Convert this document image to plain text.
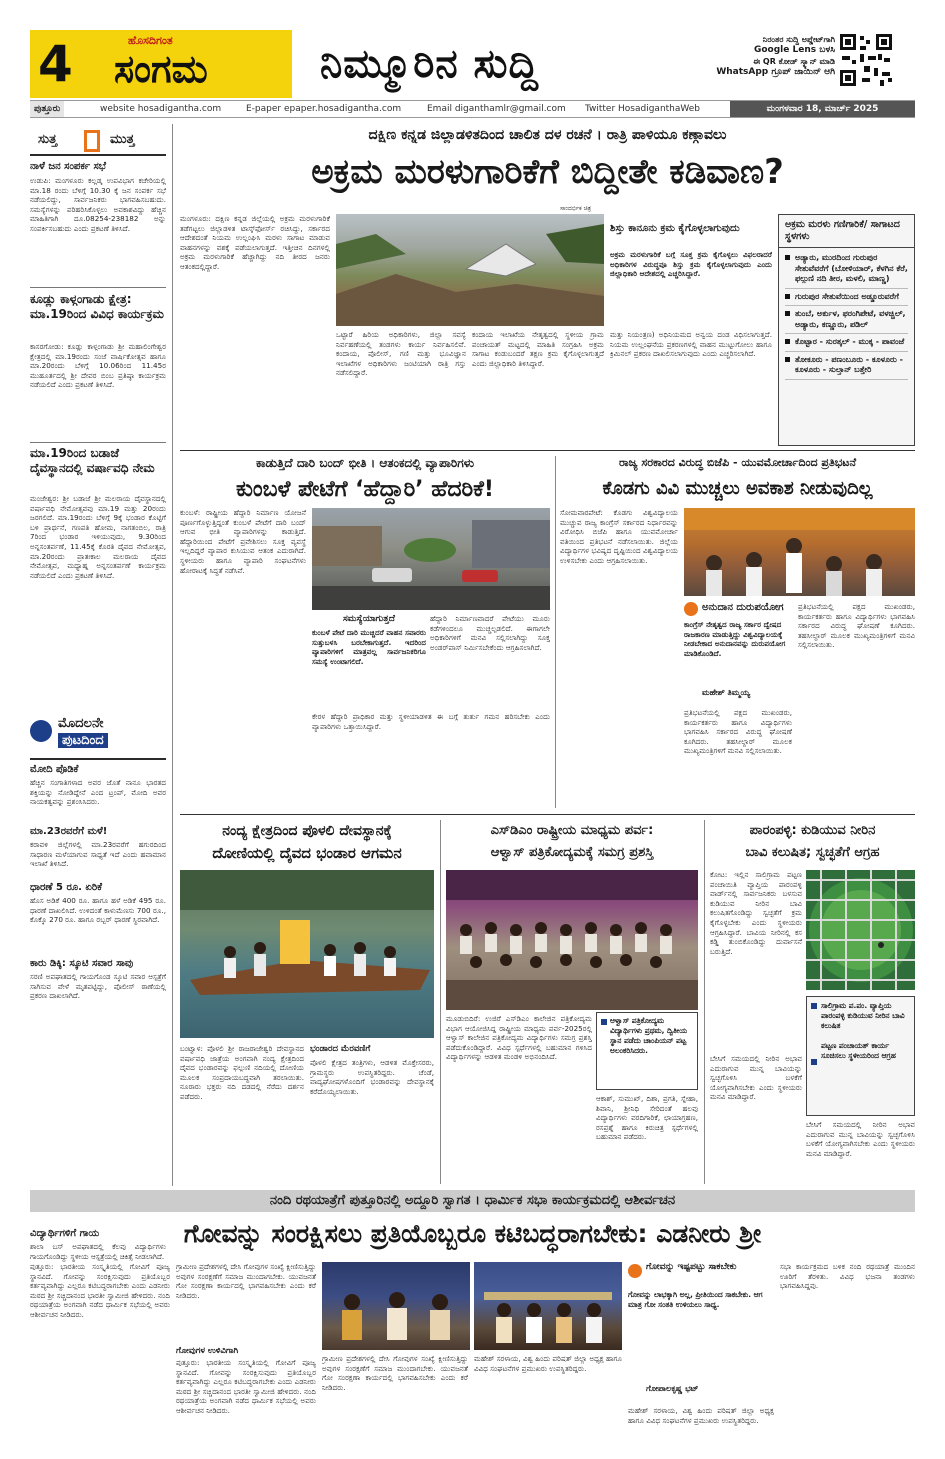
4	ಹೊಸದಿಗಂತ
ಸಂಗಮ	ನಿಮ್ಮೂರಿನ ಸುದ್ದಿ
ನಿರಂತರ ಸುದ್ದಿ ಅಪ್ಡೇಟ್‌ಗಾಗಿ
Google Lens ಬಳಸಿ
ಈ QR ಕೋಡ್ ಸ್ಕ್ಯಾನ್ ಮಾಡಿ
WhatsApp ಗ್ರೂಪ್ ಜಾಯಿನ್ ಆಗಿ
ಪುತ್ತೂರು	website hosadigantha.com	E-paper epaper.hosadigantha.com	Email diganthamlr@gmail.com Twitter HosadiganthaWeb	ಮಂಗಳವಾರ 18, ಮಾರ್ಚ್ 2025
ಸುತ್ತ	ಮುತ್ತ
ನಾಳೆ ಜನ ಸಂಪರ್ಕ ಸಭೆ
ಉಡುಪಿ: ಮಂಗಳೂರು ಕಲ್ಲಡ್ಕ ಉಪವಿಭಾಗ ಕಚೇರಿಯಲ್ಲಿ ಮಾ.18 ರಂದು ಬೆಳಿಗ್ಗೆ 10.30 ಕ್ಕೆ ಜನ ಸಂಪರ್ಕ ಸಭೆ ನಡೆಯಲಿದ್ದು, ಸಾರ್ವಜನಿಕರು ಭಾಗವಹಿಸಬಹುದು. ಸಮಸ್ಯೆಗಳನ್ನು ಪರಿಹರಿಸಿಕೊಳ್ಳಲು ಅವಕಾಶವಿದ್ದು ಹೆಚ್ಚಿನ ಮಾಹಿತಿಗಾಗಿ ದೂ.08254-238182 ಅನ್ನು ಸಂಪರ್ಕಿಸಬಹುದು ಎಂದು ಪ್ರಕಟಣೆ ತಿಳಿಸಿದೆ.
ಕೂಡ್ಲು ಕಾಳ್ಗಂಗಾಡು ಕ್ಷೇತ್ರ: ಮಾ.19ರಿಂದ ವಿವಿಧ ಕಾರ್ಯಕ್ರಮ
ಕಾಸರಗೋಡು: ಕೂಡ್ಲು ಕಾಳ್ಗಂಗಾಡು ಶ್ರೀ ಮಹಾಲಿಂಗೇಶ್ವರ ಕ್ಷೇತ್ರದಲ್ಲಿ ಮಾ.19ರಂದು ಸಂಜೆ ವಾರ್ಷಿಕೋತ್ಸವ ಹಾಗೂ ಮಾ.20ರಂದು ಬೆಳಿಗ್ಗೆ 10.06ರಿಂದ 11.45ರ ಮುಹೂರ್ತದಲ್ಲಿ ಶ್ರೀ ದೇವರ ಬಿಂಬ ಪ್ರತಿಷ್ಠಾ ಕಾರ್ಯಕ್ರಮ ನಡೆಯಲಿದೆ ಎಂದು ಪ್ರಕಟಣೆ ತಿಳಿಸಿದೆ.
ಮಾ.19ರಿಂದ ಬಡಾಜೆ ದೈವಸ್ಥಾನದಲ್ಲಿ ವರ್ಷಾವಧಿ ನೇಮ
ಮಂಜೇಶ್ವರ: ಶ್ರೀ ಬಡಾಜೆ ಶ್ರೀ ಮಲರಾಯ ದೈವಸ್ಥಾನದಲ್ಲಿ ವರ್ಷಾವಧಿ ನೇಮೋತ್ಸವವು ಮಾ.19 ಮತ್ತು 20ರಂದು ಜರಗಲಿದೆ. ಮಾ.19ರಂದು ಬೆಳಿಗ್ಗೆ 9ಕ್ಕೆ ಭಂಡಾರ ಕೊಟ್ಟಿಗೆ ಬಳಿ ಪ್ರಾರ್ಥನೆ, ಗಣಪತಿ ಹೋಮ, ನಾಗತಂಬಿಲ, ರಾತ್ರಿ 7ರಿಂದ ಭಂಡಾರ ಇಳಿಯುವುದು, 9.30ರಿಂದ ಅನ್ನಸಂತರ್ಪಣೆ, 11.45ಕ್ಕೆ ಕೊರತಿ ದೈವದ ನೇಮೋತ್ಸವ, ಮಾ.20ರಂದು ಪ್ರಾತಃಕಾಲ ಮಲರಾಯ ದೈವದ ನೇಮೋತ್ಸವ, ಮಧ್ಯಾಹ್ನ ಅನ್ನಸಂತರ್ಪಣೆ ಕಾರ್ಯಕ್ರಮ ನಡೆಯಲಿದೆ ಎಂದು ಪ್ರಕಟಣೆ ತಿಳಿಸಿದೆ.
ಮೊದಲನೇ
ಪುಟದಿಂದ
ಮೋದಿ ಪೊಡಿಕೆ
ಹೆಚ್ಚಿನ ಸಂಗಾತಿಗಳಾದ ಅವರ ಜೊತೆ ನಾನೂ ಭಾರತದ ಶಕ್ತಿಯನ್ನು ನೋಡಿದ್ದೇನೆ ಎಂದ ಟ್ರಂಪ್, ಮೋದಿ ಅವರ ನಾಯಕತ್ವವನ್ನು ಪ್ರಶಂಸಿಸಿದರು.
ಮಾ.23ರವರೆಗೆ ಮಳೆ!
ಕರಾವಳಿ ಜಿಲ್ಲೆಗಳಲ್ಲಿ ಮಾ.23ರವರೆಗೆ ಹಗುರದಿಂದ ಸಾಧಾರಣ ಮಳೆಯಾಗುವ ಸಾಧ್ಯತೆ ಇದೆ ಎಂದು ಹವಾಮಾನ ಇಲಾಖೆ ತಿಳಿಸಿದೆ.
ಧಾರಣೆ 5 ರೂ. ಏರಿಕೆ
ಹೊಸ ಅಡಿಕೆ 400 ರೂ. ಹಾಗೂ ಹಳೆ ಅಡಿಕೆ 495 ರೂ. ಧಾರಣೆ ದಾಖಲಿಸಿದೆ. ಉಳಿದಂತೆ ಕಾಳುಮೆಣಸು 700 ರೂ., ಕೊಕ್ಕೊ 270 ರೂ. ಹಾಗೂ ರಬ್ಬರ್ ಧಾರಣೆ ಸ್ಥಿರವಾಗಿದೆ.
ಕಾರು ಡಿಕ್ಕಿ: ಸ್ಕೂಟಿ ಸವಾರ ಸಾವು
ಸರಣಿ ಅಪಘಾತದಲ್ಲಿ ಗಾಯಗೊಂಡ ಸ್ಕೂಟಿ ಸವಾರ ಆಸ್ಪತ್ರೆಗೆ ಸಾಗಿಸುವ ವೇಳೆ ಮೃತಪಟ್ಟಿದ್ದು, ಪೊಲೀಸ್ ಠಾಣೆಯಲ್ಲಿ ಪ್ರಕರಣ ದಾಖಲಾಗಿದೆ.
ವಿದ್ಯಾರ್ಥಿಗಳಿಗೆ ಗಾಯ
ಶಾಲಾ ಬಸ್ ಅಪಘಾತದಲ್ಲಿ ಕೆಲವು ವಿದ್ಯಾರ್ಥಿಗಳು ಗಾಯಗೊಂಡಿದ್ದು ಸ್ಥಳೀಯ ಆಸ್ಪತ್ರೆಯಲ್ಲಿ ಚಿಕಿತ್ಸೆ ನೀಡಲಾಗಿದೆ.
ದಕ್ಷಿಣ ಕನ್ನಡ ಜಿಲ್ಲಾಡಳಿತದಿಂದ ಚಾಲಿತ ದಳ ರಚನೆ । ರಾತ್ರಿ ಪಾಳಿಯೂ ಕಣ್ಗಾವಲು
ಅಕ್ರಮ ಮರಳುಗಾರಿಕೆಗೆ ಬಿದ್ದೀತೇ ಕಡಿವಾಣ?
ಮಂಗಳೂರು: ದಕ್ಷಿಣ ಕನ್ನಡ ಜಿಲ್ಲೆಯಲ್ಲಿ ಅಕ್ರಮ ಮರಳುಗಾರಿಕೆ ತಡೆಗಟ್ಟಲು ಜಿಲ್ಲಾಡಳಿತ ಟಾಸ್ಕ್‌ಫೋರ್ಸ್ ರಚಿಸಿದ್ದು, ಸರ್ಕಾರದ ಆದೇಶದಂತೆ ನಿಯಮ ಉಲ್ಲಂಘಿಸಿ ಮರಳು ಸಾಗಾಟ ಮಾಡುವ ವಾಹನಗಳನ್ನು ವಶಕ್ಕೆ ಪಡೆಯಲಾಗುತ್ತದೆ. ಇತ್ತೀಚಿನ ದಿನಗಳಲ್ಲಿ ಅಕ್ರಮ ಮರಳುಗಾರಿಕೆ ಹೆಚ್ಚಾಗಿದ್ದು ನದಿ ತೀರದ ಜನರು ಆತಂಕದಲ್ಲಿದ್ದಾರೆ.
ಸಾಂದರ್ಭಿಕ ಚಿತ್ರ
ಒಟ್ಟಾರೆ ಹಿರಿಯ ಅಧಿಕಾರಿಗಳು, ಜಿಲ್ಲಾ ಸವಸ್ಯೆ ನಿರ್ವಹಣೆಯಲ್ಲಿ ತಂಡಗಳು ಕಾರ್ಯ ನಿರ್ವಹಿಸಲಿವೆ. ಕಂದಾಯ, ಪೊಲೀಸ್, ಗಣಿ ಮತ್ತು ಭೂವಿಜ್ಞಾನ ಇಲಾಖೆಗಳ ಅಧಿಕಾರಿಗಳು ಜಂಟಿಯಾಗಿ ರಾತ್ರಿ ಗಸ್ತು ನಡೆಸಲಿದ್ದಾರೆ.
ಕಂದಾಯ ಇಲಾಖೆಯ ನೇತೃತ್ವದಲ್ಲಿ ಸ್ಥಳೀಯ ಗ್ರಾಮ ಪಂಚಾಯತ್ ಮಟ್ಟದಲ್ಲಿ ಮಾಹಿತಿ ಸಂಗ್ರಹಿಸಿ ಅಕ್ರಮ ಸಾಗಾಟ ಕಂಡುಬಂದರೆ ತಕ್ಷಣ ಕ್ರಮ ಕೈಗೊಳ್ಳಲಾಗುತ್ತದೆ ಎಂದು ಜಿಲ್ಲಾಧಿಕಾರಿ ತಿಳಿಸಿದ್ದಾರೆ.
ಮತ್ತು ನಿಯಂತ್ರಣ) ಅಧಿನಿಯಮದ ಅನ್ವಯ ದಂಡ ವಿಧಿಸಲಾಗುತ್ತದೆ. ನಿಯಮ ಉಲ್ಲಂಘನೆಯ ಪ್ರಕರಣಗಳಲ್ಲಿ ವಾಹನ ಮುಟ್ಟುಗೋಲು ಹಾಗೂ ಕ್ರಿಮಿನಲ್ ಪ್ರಕರಣ ದಾಖಲಿಸಲಾಗುವುದು ಎಂದು ಎಚ್ಚರಿಸಲಾಗಿದೆ.
ಶಿಸ್ತು ಕಾನೂನು ಕ್ರಮ ಕೈಗೊಳ್ಳಲಾಗುವುದು
ಅಕ್ರಮ ಮರಳುಗಾರಿಕೆ ಬಗ್ಗೆ ಸೂಕ್ತ ಕ್ರಮ ಕೈಗೊಳ್ಳಲು ವಿಫಲರಾದರೆ ಅಧಿಕಾರಿಗಳ ವಿರುದ್ಧವೂ ಶಿಸ್ತು ಕ್ರಮ ಕೈಗೊಳ್ಳಲಾಗುವುದು ಎಂದು ಜಿಲ್ಲಾಧಿಕಾರಿ ಆದೇಶದಲ್ಲಿ ಎಚ್ಚರಿಸಿದ್ದಾರೆ.
ಅಕ್ರಮ ಮರಳು ಗಣಿಗಾರಿಕೆ/ ಸಾಗಾಟದ ಸ್ಥಳಗಳು
ಅಡ್ಯಾರು, ಮುರದಿಂದ ಗುರುಪುರ ಸೇತುವೆವರೆಗೆ (ಬೋಳಿಯಾರ್, ಕೆಳಗಿನ ಕೆರೆ, ಫಲ್ಗುಣಿ ನದಿ ತೀರ, ಮಳಲಿ, ಮಾಣ್ಣ)
ಗುರುಪುರ ಸೇತುವೆಯಿಂದ ಅಡ್ಡೂರುವರೆಗೆ
ತುಂಬೆ, ಅರ್ಕುಳ, ಫರಂಗಿಪೇಟೆ, ವಳಚ್ಚಿಲ್, ಅಡ್ಯಾರು, ಕಣ್ಣೂರು, ಪಡಿಲ್
ಕೊಟ್ಟಾರ - ಸುರತ್ಕಲ್ - ಮುಕ್ಕ - ಪಾವಂಜೆ
ತೋಕೂರು - ಪಣಂಬೂರು - ಕೂಳೂರು - ಕೂಳೂರು - ಸುಲ್ತಾನ್ ಬತ್ತೇರಿ
ಕಾಡುತ್ತಿದೆ ದಾರಿ ಬಂದ್ ಭೀತಿ । ಆತಂಕದಲ್ಲಿ ವ್ಯಾಪಾರಿಗಳು
ಕುಂಬಳೆ ಪೇಟೆಗೆ ‘ಹೆದ್ದಾರಿ’ ಹೆದರಿಕೆ!
ಕುಂಬಳೆ: ರಾಷ್ಟ್ರೀಯ ಹೆದ್ದಾರಿ ನಿರ್ಮಾಣ ಯೋಜನೆ ಪೂರ್ಣಗೊಳ್ಳುತ್ತಿದ್ದಂತೆ ಕುಂಬಳೆ ಪೇಟೆಗೆ ದಾರಿ ಬಂದ್ ಆಗುವ ಭೀತಿ ವ್ಯಾಪಾರಿಗಳನ್ನು ಕಾಡುತ್ತಿದೆ. ಹೆದ್ದಾರಿಯಿಂದ ಪೇಟೆಗೆ ಪ್ರವೇಶಿಸಲು ಸೂಕ್ತ ವ್ಯವಸ್ಥೆ ಇಲ್ಲದಿದ್ದರೆ ವ್ಯಾಪಾರ ಕುಸಿಯುವ ಆತಂಕ ಎದುರಾಗಿದೆ. ಸ್ಥಳೀಯರು ಹಾಗೂ ವ್ಯಾಪಾರಿ ಸಂಘಟನೆಗಳು ಹೋರಾಟಕ್ಕೆ ಸಿದ್ಧತೆ ನಡೆಸಿವೆ.
ಸಮಸ್ಯೆಯಾಗುತ್ತದೆ
ಕುಂಬಳೆ ಪೇಟೆ ದಾರಿ ಮುಚ್ಚಿದರೆ ವಾಹನ ಸವಾರರು ಸುತ್ತುಬಳಸಿ ಬರಬೇಕಾಗುತ್ತದೆ. ಇದರಿಂದ ವ್ಯಾಪಾರಿಗಳಿಗೆ ಮಾತ್ರವಲ್ಲ ಸಾರ್ವಜನಿಕರಿಗೂ ಸಮಸ್ಯೆ ಉಂಟಾಗಲಿದೆ.
ಹೆದ್ದಾರಿ ನಿರ್ಮಾಣವಾದರೆ ಪೇಟೆಯು ಮೂರು ಕಡೆಗಳಿಂದಲೂ ಮುಚ್ಚಲ್ಪಡಲಿದೆ. ಈಗಾಗಲೇ ಅಧಿಕಾರಿಗಳಿಗೆ ಮನವಿ ಸಲ್ಲಿಸಲಾಗಿದ್ದು ಸೂಕ್ತ ಅಂಡರ್‌ಪಾಸ್ ನಿರ್ಮಿಸಬೇಕೆಂದು ಆಗ್ರಹಿಸಲಾಗಿದೆ.
ಕೇರಳ ಹೆದ್ದಾರಿ ಪ್ರಾಧಿಕಾರ ಮತ್ತು ಸ್ಥಳೀಯಾಡಳಿತ ಈ ಬಗ್ಗೆ ತುರ್ತು ಗಮನ ಹರಿಸಬೇಕು ಎಂದು ವ್ಯಾಪಾರಿಗಳು ಒತ್ತಾಯಿಸಿದ್ದಾರೆ.
ರಾಜ್ಯ ಸರಕಾರದ ವಿರುದ್ಧ ಬಿಜೆಪಿ - ಯುವಮೋರ್ಚಾದಿಂದ ಪ್ರತಿಭಟನೆ
ಕೊಡಗು ವಿವಿ ಮುಚ್ಚಲು ಅವಕಾಶ ನೀಡುವುದಿಲ್ಲ
ಸೋಮವಾರಪೇಟೆ: ಕೊಡಗು ವಿಶ್ವವಿದ್ಯಾಲಯ ಮುಚ್ಚುವ ರಾಜ್ಯ ಕಾಂಗ್ರೆಸ್ ಸರ್ಕಾರದ ನಿರ್ಧಾರವನ್ನು ವಿರೋಧಿಸಿ ಬಿಜೆಪಿ ಹಾಗೂ ಯುವಮೋರ್ಚಾ ವತಿಯಿಂದ ಪ್ರತಿಭಟನೆ ನಡೆಸಲಾಯಿತು. ಜಿಲ್ಲೆಯ ವಿದ್ಯಾರ್ಥಿಗಳ ಭವಿಷ್ಯದ ದೃಷ್ಟಿಯಿಂದ ವಿಶ್ವವಿದ್ಯಾಲಯ ಉಳಿಸಬೇಕು ಎಂದು ಆಗ್ರಹಿಸಲಾಯಿತು.
ಅನುದಾನ ದುರುಪಯೋಗ
ಕಾಂಗ್ರೆಸ್ ನೇತೃತ್ವದ ರಾಜ್ಯ ಸರ್ಕಾರ ದ್ವೇಷದ ರಾಜಕಾರಣ ಮಾಡುತ್ತಿದ್ದು ವಿಶ್ವವಿದ್ಯಾಲಯಕ್ಕೆ ನೀಡಬೇಕಾದ ಅನುದಾನವನ್ನು ದುರುಪಯೋಗ ಮಾಡಿಕೊಂಡಿದೆ.
ಮಹೇಶ್ ತಿಮ್ಮಯ್ಯ
ಪ್ರತಿಭಟನೆಯಲ್ಲಿ ಪಕ್ಷದ ಮುಖಂಡರು, ಕಾರ್ಯಕರ್ತರು ಹಾಗೂ ವಿದ್ಯಾರ್ಥಿಗಳು ಭಾಗವಹಿಸಿ ಸರ್ಕಾರದ ವಿರುದ್ಧ ಘೋಷಣೆ ಕೂಗಿದರು. ತಹಸೀಲ್ದಾರ್ ಮೂಲಕ ಮುಖ್ಯಮಂತ್ರಿಗಳಿಗೆ ಮನವಿ ಸಲ್ಲಿಸಲಾಯಿತು.
ಪ್ರತಿಭಟನೆಯಲ್ಲಿ ಪಕ್ಷದ ಮುಖಂಡರು, ಕಾರ್ಯಕರ್ತರು ಹಾಗೂ ವಿದ್ಯಾರ್ಥಿಗಳು ಭಾಗವಹಿಸಿ ಸರ್ಕಾರದ ವಿರುದ್ಧ ಘೋಷಣೆ ಕೂಗಿದರು. ತಹಸೀಲ್ದಾರ್ ಮೂಲಕ ಮುಖ್ಯಮಂತ್ರಿಗಳಿಗೆ ಮನವಿ ಸಲ್ಲಿಸಲಾಯಿತು.
ನಂದ್ಯ ಕ್ಷೇತ್ರದಿಂದ ಪೊಳಲಿ ದೇವಸ್ಥಾನಕ್ಕೆ
ದೋಣಿಯಲ್ಲಿ ದೈವದ ಭಂಡಾರ ಆಗಮನ
ಬಂಟ್ವಾಳ: ಪೊಳಲಿ ಶ್ರೀ ರಾಜರಾಜೇಶ್ವರಿ ದೇವಸ್ಥಾನದ ವರ್ಷಾವಧಿ ಜಾತ್ರೆಯ ಅಂಗವಾಗಿ ನಂದ್ಯ ಕ್ಷೇತ್ರದಿಂದ ದೈವದ ಭಂಡಾರವನ್ನು ಫಲ್ಗುಣಿ ನದಿಯಲ್ಲಿ ದೋಣಿಯ ಮೂಲಕ ಸಂಪ್ರದಾಯಬದ್ಧವಾಗಿ ತರಲಾಯಿತು. ನೂರಾರು ಭಕ್ತರು ನದಿ ದಡದಲ್ಲಿ ನೆರೆದು ದರ್ಶನ ಪಡೆದರು.
ಭಂಡಾರದ ಮೆರವಣಿಗೆ
ಪೊಳಲಿ ಕ್ಷೇತ್ರದ ತಂತ್ರಿಗಳು, ಆಡಳಿತ ಮೊಕ್ತೇಸರರು, ಗ್ರಾಮಸ್ಥರು ಉಪಸ್ಥಿತರಿದ್ದರು. ಚೆಂಡೆ, ವಾದ್ಯಘೋಷಗಳೊಂದಿಗೆ ಭಂಡಾರವನ್ನು ದೇವಸ್ಥಾನಕ್ಕೆ ಕರೆದೊಯ್ಯಲಾಯಿತು.
ಎಸ್‌ಡಿಎಂ ರಾಷ್ಟ್ರೀಯ ಮಾಧ್ಯಮ ಪರ್ವ:
ಆಳ್ವಾಸ್ ಪತ್ರಿಕೋದ್ಯಮಕ್ಕೆ ಸಮಗ್ರ ಪ್ರಶಸ್ತಿ
ಆಳ್ವಾಸ್ ಪತ್ರಿಕೋದ್ಯಮ ವಿದ್ಯಾರ್ಥಿಗಳು ಪ್ರಥಮ, ದ್ವಿತೀಯ ಸ್ಥಾನ ಪಡೆದು ಚಾಂಪಿಯನ್ ಪಟ್ಟ ಅಲಂಕರಿಸಿದರು.
ಮೂಡುಬಿದಿರೆ: ಉಜಿರೆ ಎಸ್‌ಡಿಎಂ ಕಾಲೇಜಿನ ಪತ್ರಿಕೋದ್ಯಮ ವಿಭಾಗ ಆಯೋಜಿಸಿದ್ದ ರಾಷ್ಟ್ರೀಯ ಮಾಧ್ಯಮ ಪರ್ವ-2025ರಲ್ಲಿ ಆಳ್ವಾಸ್ ಕಾಲೇಜಿನ ಪತ್ರಿಕೋದ್ಯಮ ವಿದ್ಯಾರ್ಥಿಗಳು ಸಮಗ್ರ ಪ್ರಶಸ್ತಿ ಪಡೆದುಕೊಂಡಿದ್ದಾರೆ. ವಿವಿಧ ಸ್ಪರ್ಧೆಗಳಲ್ಲಿ ಬಹುಮಾನ ಗಳಿಸಿದ ವಿದ್ಯಾರ್ಥಿಗಳನ್ನು ಆಡಳಿತ ಮಂಡಳಿ ಅಭಿನಂದಿಸಿದೆ.
ಆಕಾಶ್, ಸುಮುಖ್, ದಿಶಾ, ಪ್ರಗತಿ, ಸ್ನೇಹಾ, ಶಿವಾನಿ, ಶ್ರೀನಿಧಿ ಸೇರಿದಂತೆ ಹಲವು ವಿದ್ಯಾರ್ಥಿಗಳು ವರದಿಗಾರಿಕೆ, ಛಾಯಾಗ್ರಹಣ, ರಸಪ್ರಶ್ನೆ ಹಾಗೂ ಕಿರುಚಿತ್ರ ಸ್ಪರ್ಧೆಗಳಲ್ಲಿ ಬಹುಮಾನ ಪಡೆದರು.
ಪಾರಂಪಳ್ಳಿ: ಕುಡಿಯುವ ನೀರಿನ
ಬಾವಿ ಕಲುಷಿತ; ಸ್ವಚ್ಛತೆಗೆ ಆಗ್ರಹ
ಕೋಟ: ಇಲ್ಲಿನ ಸಾಲಿಗ್ರಾಮ ಪಟ್ಟಣ ಪಂಚಾಯಿತಿ ವ್ಯಾಪ್ತಿಯ ಪಾರಂಪಳ್ಳಿ ವಾರ್ಡ್‌ನಲ್ಲಿ ಸಾರ್ವಜನಿಕರು ಬಳಸುವ ಕುಡಿಯುವ ನೀರಿನ ಬಾವಿ ಕಲುಷಿತಗೊಂಡಿದ್ದು ಸ್ವಚ್ಛತೆಗೆ ಕ್ರಮ ಕೈಗೊಳ್ಳಬೇಕು ಎಂದು ಸ್ಥಳೀಯರು ಆಗ್ರಹಿಸಿದ್ದಾರೆ. ಬಾವಿಯ ನೀರಿನಲ್ಲಿ ಕಸ ಕಡ್ಡಿ ತುಂಬಿಕೊಂಡಿದ್ದು ದುರ್ವಾಸನೆ ಬರುತ್ತಿದೆ.
ಸಾಲಿಗ್ರಾಮ ಪ.ಪಂ. ವ್ಯಾಪ್ತಿಯ ಪಾರಂಪಳ್ಳಿ ಕುಡಿಯುವ ನೀರಿನ ಬಾವಿ ಕಲುಷಿತ
ಪಟ್ಟಣ ಪಂಚಾಯತ್ ಕಾರ್ಯ ಸೂಚಿಸಲು ಸ್ಥಳೀಯರಿಂದ ಆಗ್ರಹ
ಬೇಸಿಗೆ ಸಮಯದಲ್ಲಿ ನೀರಿನ ಅಭಾವ ಎದುರಾಗುವ ಮುನ್ನ ಬಾವಿಯನ್ನು ಸ್ವಚ್ಛಗೊಳಿಸಿ ಬಳಕೆಗೆ ಯೋಗ್ಯವಾಗಿಸಬೇಕು ಎಂದು ಸ್ಥಳೀಯರು ಮನವಿ ಮಾಡಿದ್ದಾರೆ.
ಬೇಸಿಗೆ ಸಮಯದಲ್ಲಿ ನೀರಿನ ಅಭಾವ ಎದುರಾಗುವ ಮುನ್ನ ಬಾವಿಯನ್ನು ಸ್ವಚ್ಛಗೊಳಿಸಿ ಬಳಕೆಗೆ ಯೋಗ್ಯವಾಗಿಸಬೇಕು ಎಂದು ಸ್ಥಳೀಯರು ಮನವಿ ಮಾಡಿದ್ದಾರೆ.
ನಂದಿ ರಥಯಾತ್ರೆಗೆ ಪುತ್ತೂರಿನಲ್ಲಿ ಅದ್ದೂರಿ ಸ್ವಾಗತ । ಧಾರ್ಮಿಕ ಸಭಾ ಕಾರ್ಯಕ್ರಮದಲ್ಲಿ ಆಶೀರ್ವಚನ
ಗೋವನ್ನು ಸಂರಕ್ಷಿಸಲು ಪ್ರತಿಯೊಬ್ಬರೂ ಕಟಿಬದ್ಧರಾಗಬೇಕು: ಎಡನೀರು ಶ್ರೀ
ಪುತ್ತೂರು: ಭಾರತೀಯ ಸಂಸ್ಕೃತಿಯಲ್ಲಿ ಗೋವಿಗೆ ಪೂಜ್ಯ ಸ್ಥಾನವಿದೆ. ಗೋವನ್ನು ಸಂರಕ್ಷಿಸುವುದು ಪ್ರತಿಯೊಬ್ಬರ ಕರ್ತವ್ಯವಾಗಿದ್ದು ಎಲ್ಲರೂ ಕಟಿಬದ್ಧರಾಗಬೇಕು ಎಂದು ಎಡನೀರು ಮಠದ ಶ್ರೀ ಸಚ್ಚಿದಾನಂದ ಭಾರತೀ ಸ್ವಾಮೀಜಿ ಹೇಳಿದರು. ನಂದಿ ರಥಯಾತ್ರೆಯ ಅಂಗವಾಗಿ ನಡೆದ ಧಾರ್ಮಿಕ ಸಭೆಯಲ್ಲಿ ಅವರು ಆಶೀರ್ವಚನ ನೀಡಿದರು.
ಗ್ರಾಮೀಣ ಪ್ರದೇಶಗಳಲ್ಲಿ ದೇಸಿ ಗೋವುಗಳ ಸಂಖ್ಯೆ ಕ್ಷೀಣಿಸುತ್ತಿದ್ದು ಅವುಗಳ ಸಂರಕ್ಷಣೆಗೆ ಸಮಾಜ ಮುಂದಾಗಬೇಕು. ಯುವಜನತೆ ಗೋ ಸಂರಕ್ಷಣಾ ಕಾರ್ಯದಲ್ಲಿ ಭಾಗವಹಿಸಬೇಕು ಎಂದು ಕರೆ ನೀಡಿದರು.
ಗೋವುಗಳ ಉಳಿವಿಗಾಗಿ
ಪುತ್ತೂರು: ಭಾರತೀಯ ಸಂಸ್ಕೃತಿಯಲ್ಲಿ ಗೋವಿಗೆ ಪೂಜ್ಯ ಸ್ಥಾನವಿದೆ. ಗೋವನ್ನು ಸಂರಕ್ಷಿಸುವುದು ಪ್ರತಿಯೊಬ್ಬರ ಕರ್ತವ್ಯವಾಗಿದ್ದು ಎಲ್ಲರೂ ಕಟಿಬದ್ಧರಾಗಬೇಕು ಎಂದು ಎಡನೀರು ಮಠದ ಶ್ರೀ ಸಚ್ಚಿದಾನಂದ ಭಾರತೀ ಸ್ವಾಮೀಜಿ ಹೇಳಿದರು. ನಂದಿ ರಥಯಾತ್ರೆಯ ಅಂಗವಾಗಿ ನಡೆದ ಧಾರ್ಮಿಕ ಸಭೆಯಲ್ಲಿ ಅವರು ಆಶೀರ್ವಚನ ನೀಡಿದರು.
ಗ್ರಾಮೀಣ ಪ್ರದೇಶಗಳಲ್ಲಿ ದೇಸಿ ಗೋವುಗಳ ಸಂಖ್ಯೆ ಕ್ಷೀಣಿಸುತ್ತಿದ್ದು ಅವುಗಳ ಸಂರಕ್ಷಣೆಗೆ ಸಮಾಜ ಮುಂದಾಗಬೇಕು. ಯುವಜನತೆ ಗೋ ಸಂರಕ್ಷಣಾ ಕಾರ್ಯದಲ್ಲಿ ಭಾಗವಹಿಸಬೇಕು ಎಂದು ಕರೆ ನೀಡಿದರು.
ಮಹೇಶ್ ಸರಳಾಯ, ವಿಶ್ವ ಹಿಂದು ಪರಿಷತ್ ಜಿಲ್ಲಾ ಅಧ್ಯಕ್ಷ ಹಾಗೂ ವಿವಿಧ ಸಂಘಟನೆಗಳ ಪ್ರಮುಖರು ಉಪಸ್ಥಿತರಿದ್ದರು.
ಗೋವನ್ನು ಇಷ್ಟಪಟ್ಟು ಸಾಕಬೇಕು
ಗೋವನ್ನು ಲಾಭಕ್ಕಾಗಿ ಅಲ್ಲ, ಪ್ರೀತಿಯಿಂದ ಸಾಕಬೇಕು. ಆಗ ಮಾತ್ರ ಗೋ ಸಂತತಿ ಉಳಿಯಲು ಸಾಧ್ಯ.
ಗೋಪಾಲಕೃಷ್ಣ ಭಟ್
ಮಹೇಶ್ ಸರಳಾಯ, ವಿಶ್ವ ಹಿಂದು ಪರಿಷತ್ ಜಿಲ್ಲಾ ಅಧ್ಯಕ್ಷ ಹಾಗೂ ವಿವಿಧ ಸಂಘಟನೆಗಳ ಪ್ರಮುಖರು ಉಪಸ್ಥಿತರಿದ್ದರು.
ಸಭಾ ಕಾರ್ಯಕ್ರಮದ ಬಳಿಕ ನಂದಿ ರಥಯಾತ್ರೆ ಮುಂದಿನ ಊರಿಗೆ ತೆರಳಿತು. ವಿವಿಧ ಭಜನಾ ತಂಡಗಳು ಭಾಗವಹಿಸಿದ್ದವು.
